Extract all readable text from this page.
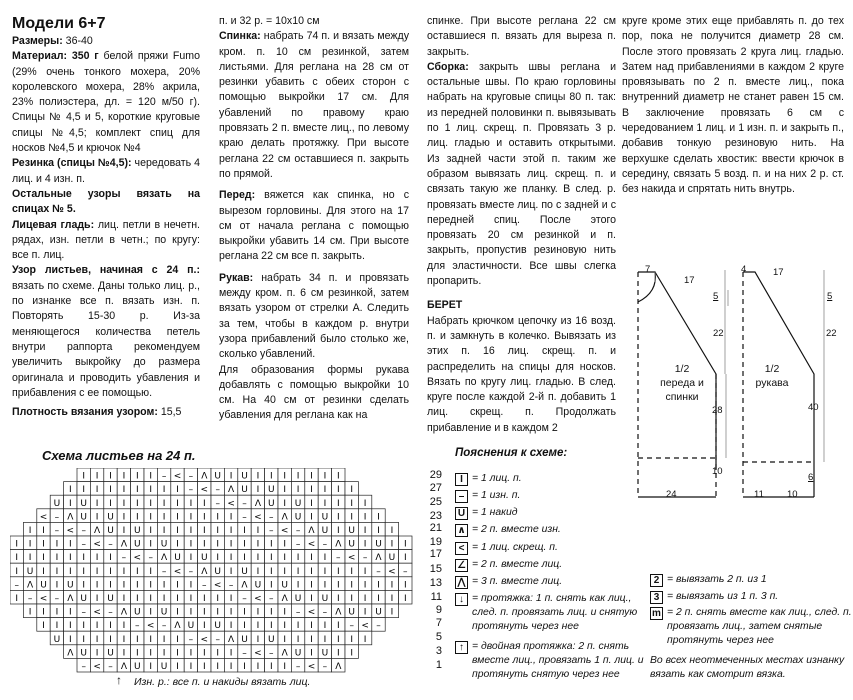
Модели 6+7

Размеры: 36-40

Материал: 350 г белой пряжи Fumo (29% очень тонкого мохера, 20% королевского мохера, 28% акрила, 23% полиэстера, дл. = 120 м/50 г). Спицы № 4,5 и 5, короткие круговые спицы №4,5; комплект спиц для носков №4,5 и крючок №4

Резинка (спицы №4,5): чередовать 4 лиц. и 4 изн. п.

Остальные узоры вязать на спицах № 5.

Лицевая гладь: лиц. петли в нечетн. рядах, изн. петли в четн.; по кругу: все п. лиц.

Узор листьев, начиная с 24 п.: вязать по схеме. Даны только лиц. р., по изнанке все п. вязать изн. п. Повторять 15-30 р. Из-за меняющегося количества петель внутри раппорта рекомендуем увеличить выкройку до размера оригинала и проводить убавления и прибавления с ее помощью.

Плотность вязания узором: 15,5

п. и 32 р. = 10х10 см

Спинка: набрать 74 п. и вязать между кром. п. 10 см резинкой, затем листьями. Для реглана на 28 см от резинки убавить с обеих сторон с помощью выкройки 17 см. Для убавлений по правому краю провязать 2 п. вместе лиц., по левому краю делать протяжку. При высоте реглана 22 см оставшиеся п. закрыть по прямой.

Перед: вяжется как спинка, но с вырезом горловины. Для этого на 17 см от начала реглана с помощью выкройки убавить 14 см. При высоте реглана 22 см все п. закрыть.

Рукав: набрать 34 п. и провязать между кром. п. 6 см резинкой, затем вязать узором от стрелки А. Следить за тем, чтобы в каждом р. внутри узора прибавлений было столько же, сколько убавлений.

Для образования формы рукава добавлять с помощью выкройки 10 см. На 40 см от резинки сделать убавления для реглана как на

спинке. При высоте реглана 22 см оставшиеся п. вязать для выреза п. закрыть.

Сборка: закрыть швы реглана и остальные швы. По краю горловины набрать на круговые спицы 80 п. так: из передней половинки п. вывязывать по 1 лиц. скрещ. п. Провязать 3 р. лиц. гладью и оставить открытыми. Из задней части этой п. таким же образом вывязать лиц. скрещ. п. и связать такую же планку. В след. р. провязать вместе лиц. по с задней и с передней спиц. После этого провязать 20 см резинкой и п. закрыть, пропустив резиновую нить для эластичности. Все швы слегка пропарить.

БЕРЕТ

Набрать крючком цепочку из 16 возд. п. и замкнуть в колечко. Вывязать из этих п. 16 лиц. скрещ. п. и распределить на спицы для носков. Вязать по кругу лиц. гладью. В след. круге после каждой 2-й п. добавить 1 лиц. скрещ. п. Продолжать прибавление и в каждом 2

круге кроме этих еще прибавлять п. до тех пор, пока не получится диаметр 28 см. После этого провязать 2 круга лиц. гладью. Затем над прибавлениями в каждом 2 круге провязывать по 2 п. вместе лиц., пока внутренний диаметр не станет равен 15 см. В заключение провязать 6 см с чередованием 1 лиц. и 1 изн. п. и закрыть п., добавив тонкую резиновую нить. На верхушке сделать хвостик: ввести крючок в середину, связать 5 возд. п. и на них 2 р. ст. без накида и спрятать нить внутрь.

7
17
5
22
28
10
24
1/2 переда и спинки
4	17
5
22
40
6
11 10
1/2 рукава
Схема листьев на 24 п.
I I I I I I – < – Λ U I U I I I I I I I
I I I I I I I I I – < – Λ U I U I I I I I I
U I U I I I I I I I I I – < – Λ U I U I I I I I
< – Λ U I U I I I I I I I I I – < – Λ U I U I I I I
I I – < – Λ U I U I I I I I I I I I – < – Λ U I U I I I
I I I I I – < – Λ U I U I I I I I I I I I – < – Λ U I U I I
I I I I I I I I – < – Λ U I U I I I I I I I I I – < – Λ U I
I U I I I I I I I I I – < – Λ U I U I I I I I I I I I – < –
– Λ U I U I I I I I I I I I – < – Λ U I U I I I I I I I I I
I – < – Λ U I U I I I I I I I I I – < – Λ U I U I I I I I I
I I I I – < – Λ U I U I I I I I I I I I – < – Λ U I U I
I I I I I I I – < – Λ U I U I I I I I I I I I – < –
U I I I I I I I I I – < – Λ U I U I I I I I I I
Λ U I U I I I I I I I I I – < – Λ U I U I I
– < – Λ U I U I I I I I I I I I – < – Λ
29
27
25
23
21
19
17
15
13
11
9
7
5
3
1
↑ Изн. р.: все п. и накиды вязать лиц.
Пояснения к схеме:
I = 1 лиц. п.
– = 1 изн. п.
U = 1 накид
∧ = 2 п. вместе изн.
< = 1 лиц. скрещ. п.
∠ = 2 п. вместе лиц.
⋀ = 3 п. вместе лиц.
↓ = протяжка: 1 п. снять как лиц., след. п. провязать лиц. и снятую протянуть через нее
↑ = двойная протяжка: 2 п. снять вместе лиц., провязать 1 п. лиц. и протянуть снятую через нее
2 = вывязать 2 п. из 1
3 = вывязать из 1 п. 3 п.
m = 2 п. снять вместе как лиц., след. п. провязать лиц., затем снятые протянуть через нее
Во всех неотмеченных местах изнанку вязать как смотрит вязка.
